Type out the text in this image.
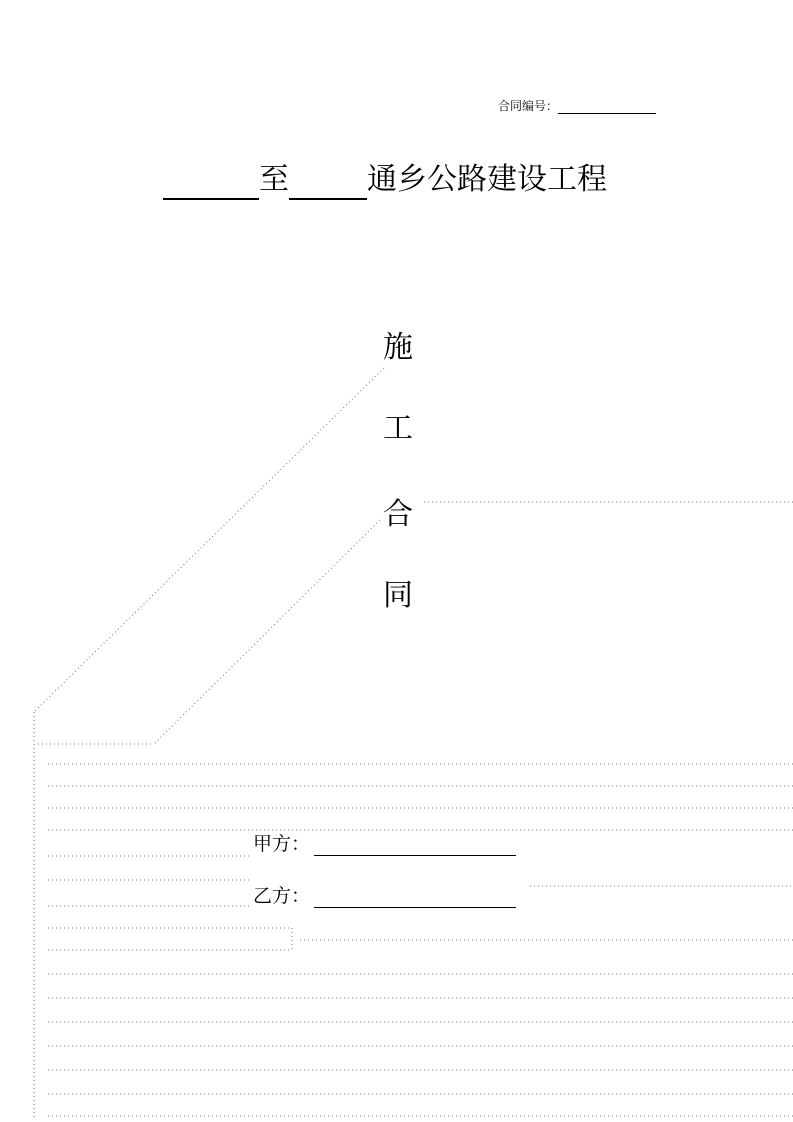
合同编号：
至	通乡公路建设工程
施
工
合
同
甲方：
乙方：
